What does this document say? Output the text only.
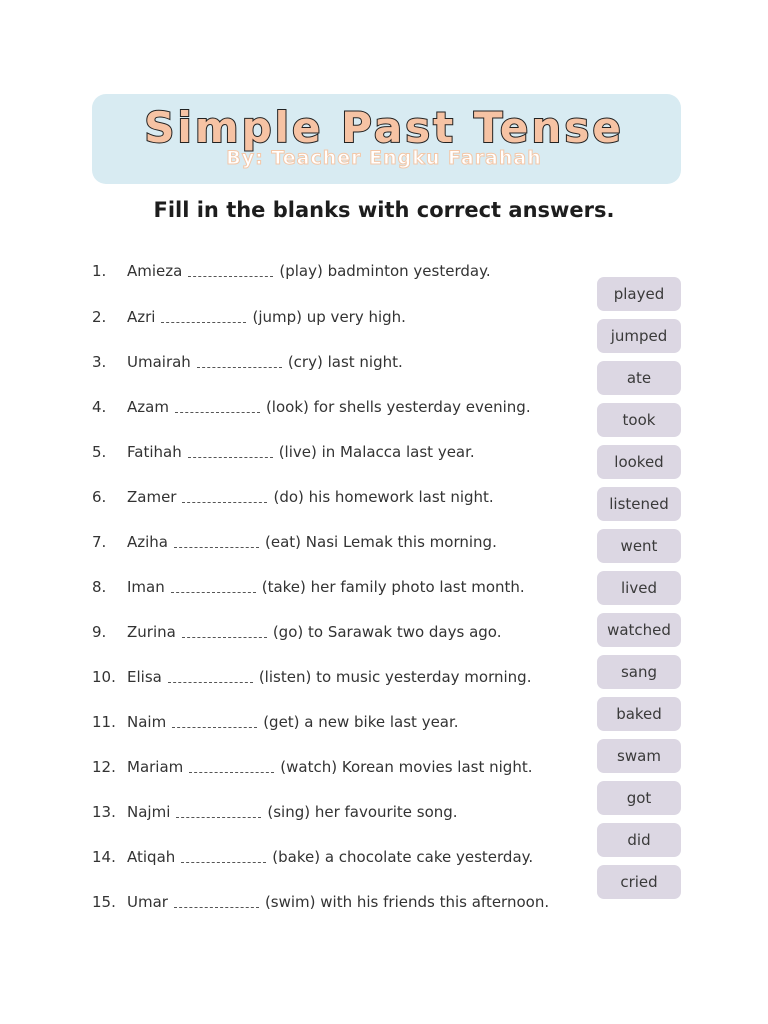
Simple Past Tense
By: Teacher Engku Farahah
Fill in the blanks with correct answers.
1.	Amieza	(play) badminton yesterday.
2.	Azri	(jump) up very high.
3.	Umairah	(cry) last night.
4.	Azam	(look) for shells yesterday evening.
5.	Fatihah	(live) in Malacca last year.
6.	Zamer	(do) his homework last night.
7.	Aziha	(eat) Nasi Lemak this morning.
8.	Iman	(take) her family photo last month.
9.	Zurina	(go) to Sarawak two days ago.
10. Elisa	(listen) to music yesterday morning.
11. Naim	(get) a new bike last year.
12. Mariam	(watch) Korean movies last night.
13. Najmi	(sing) her favourite song.
14. Atiqah	(bake) a chocolate cake yesterday.
15. Umar	(swim) with his friends this afternoon.
played
jumped
ate
took
looked
listened
went
lived
watched
sang
baked
swam
got
did
cried
